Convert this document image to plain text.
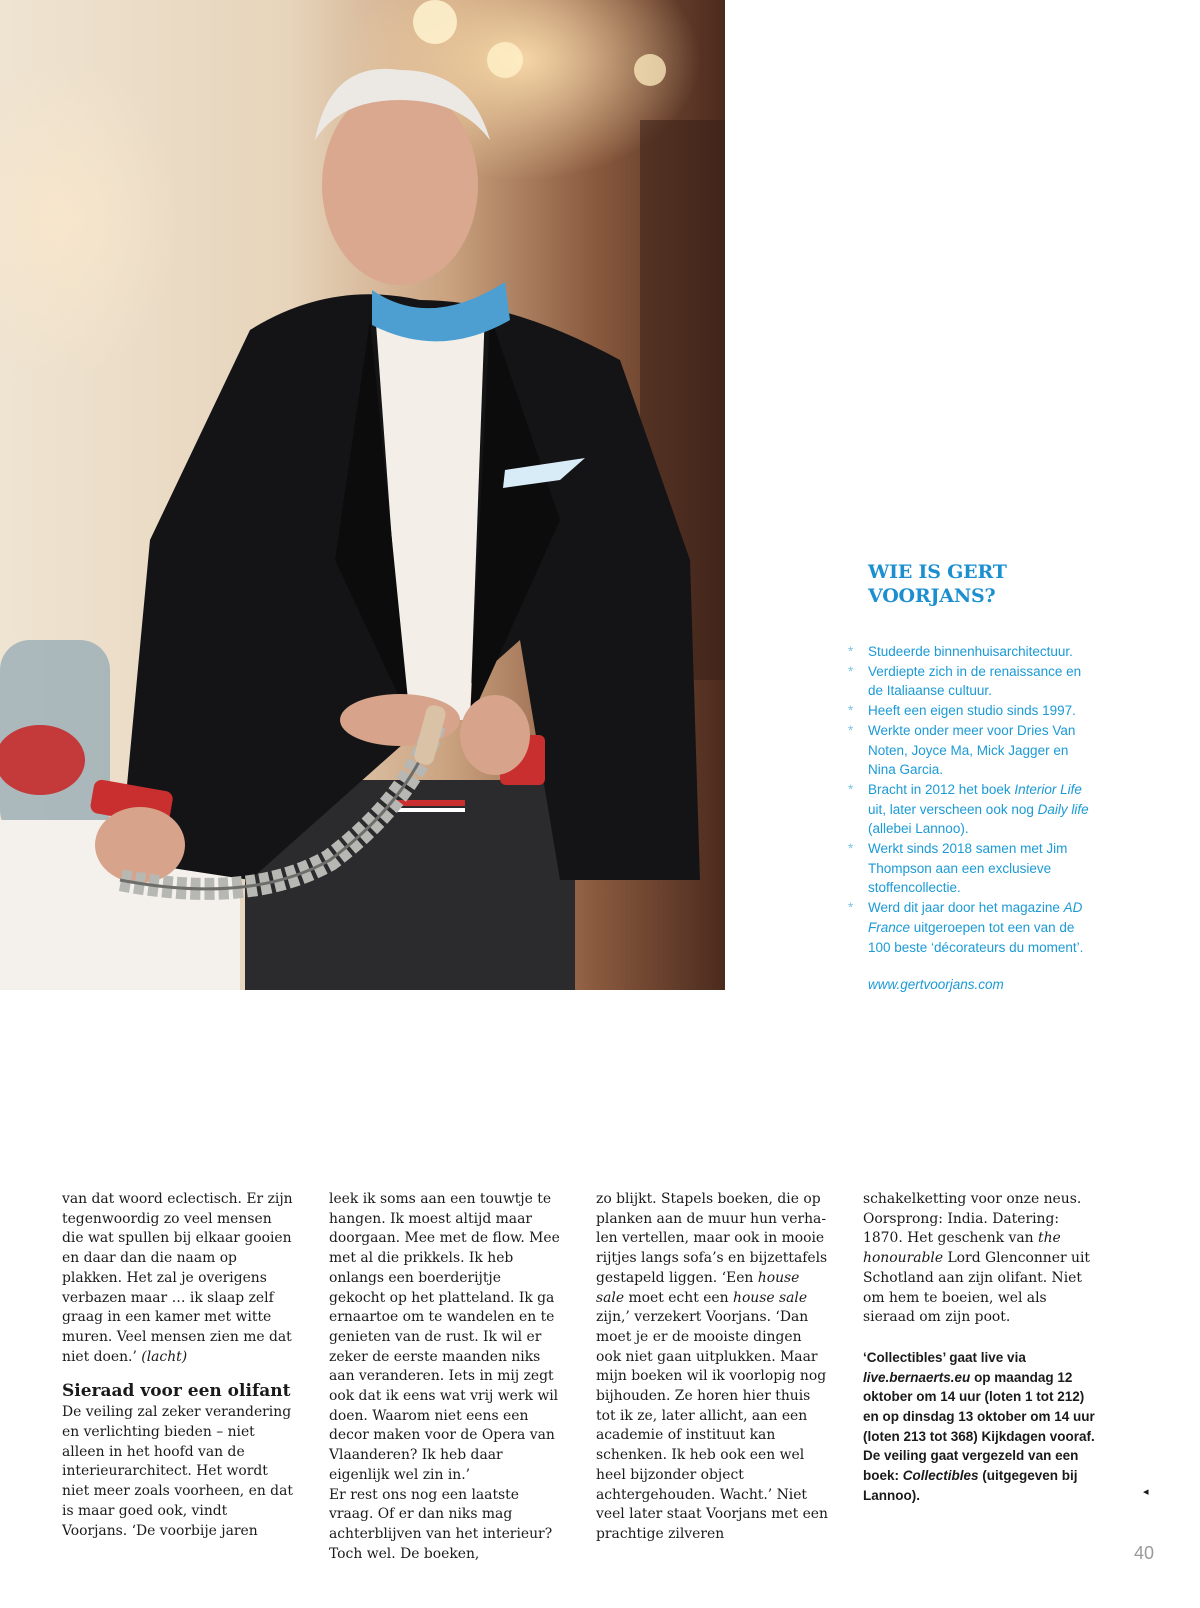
WIE IS GERT VOORJANS?
* Studeerde binnenhuisarchitectuur.
* Verdiepte zich in de renaissance en de Italiaanse cultuur.
* Heeft een eigen studio sinds 1997.
* Werkte onder meer voor Dries Van Noten, Joyce Ma, Mick Jagger en Nina Garcia.
* Bracht in 2012 het boek Interior Life uit, later verscheen ook nog Daily life (allebei Lannoo).
* Werkt sinds 2018 samen met Jim Thompson aan een exclusieve stoffencollectie.
* Werd dit jaar door het magazine AD France uitgeroepen tot een van de 100 beste ‘décorateurs du moment’.
www.gertvoorjans.com

van dat woord eclectisch. Er zijn tegenwoordig zo veel mensen die wat spullen bij elkaar gooien en daar dan die naam op plakken. Het zal je overigens verbazen maar … ik slaap zelf graag in een kamer met witte muren. Veel mensen zien me dat niet doen.’ (lacht)

Sieraad voor een olifant

De veiling zal zeker verandering en verlichting bieden – niet alleen in het hoofd van de interieurarchitect. Het wordt niet meer zoals voorheen, en dat is maar goed ook, vindt Voorjans. ‘De voorbije jaren

leek ik soms aan een touwtje te hangen. Ik moest altijd maar doorgaan. Mee met de flow. Mee met al die prikkels. Ik heb onlangs een boerderijtje gekocht op het platteland. Ik ga ernaartoe om te wandelen en te genieten van de rust. Ik wil er zeker de eerste maanden niks aan veranderen. Iets in mij zegt ook dat ik eens wat vrij werk wil doen. Waarom niet eens een decor maken voor de Opera van Vlaanderen? Ik heb daar eigenlijk wel zin in.’

Er rest ons nog een laatste vraag. Of er dan niks mag achterblijven van het interieur? Toch wel. De boeken,

zo blijkt. Stapels boeken, die op planken aan de muur hun verhalen vertellen, maar ook in mooie rijtjes langs sofa’s en bijzettafels gestapeld liggen. ‘Een house sale moet echt een house sale zijn,’ verzekert Voorjans. ‘Dan moet je er de mooiste dingen ook niet gaan uitplukken. Maar mijn boeken wil ik voorlopig nog bijhouden. Ze horen hier thuis tot ik ze, later allicht, aan een academie of instituut kan schenken. Ik heb ook een wel heel bijzonder object achtergehouden. Wacht.’ Niet veel later staat Voorjans met een prachtige zilveren

schakelketting voor onze neus. Oorsprong: India. Datering: 1870. Het geschenk van the honourable Lord Glenconner uit Schotland aan zijn olifant. Niet om hem te boeien, wel als sieraad om zijn poot.

‘Collectibles’ gaat live via live.bernaerts.eu op maandag 12 oktober om 14 uur (loten 1 tot 212) en op dinsdag 13 oktober om 14 uur (loten 213 tot 368) Kijkdagen vooraf. De veiling gaat vergezeld van een boek: Collectibles (uitgegeven bij Lannoo).	◂
40
